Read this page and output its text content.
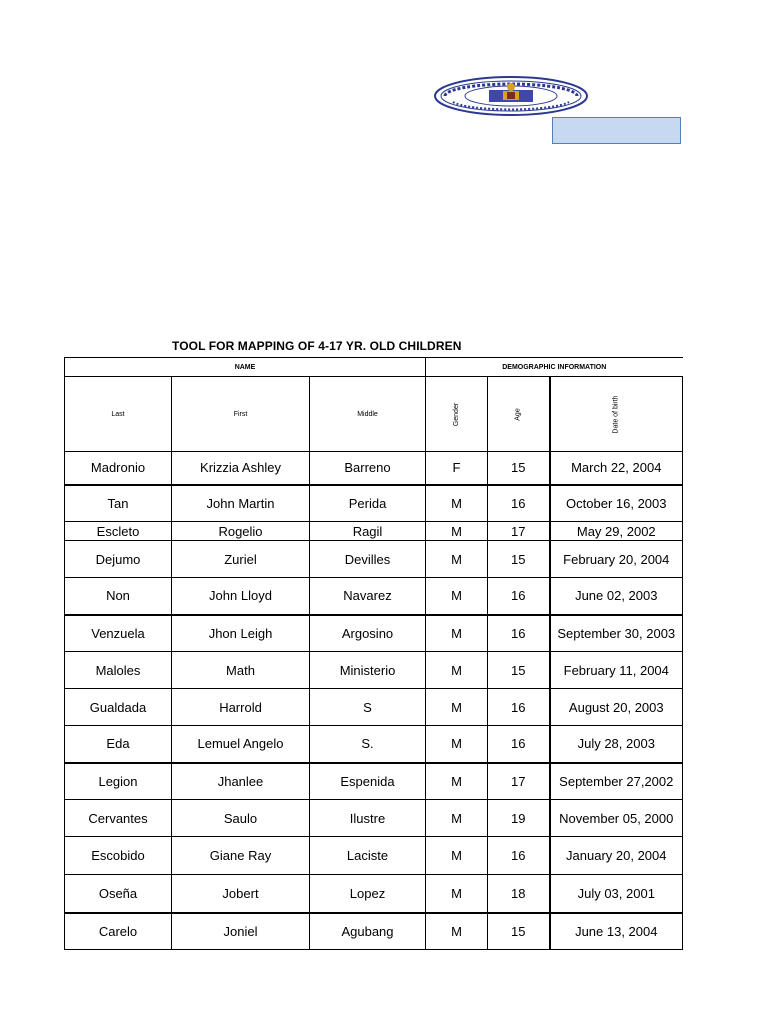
TOOL FOR MAPPING OF 4-17 YR. OLD CHILDREN
NAME			DEMOGRAPHIC INFORMATION		
Last	First	Middle	Gender	Age	Date of birth
Madronio	Krizzia Ashley	Barreno	F	15	March 22, 2004
Tan	John Martin	Perida	M	16	October 16, 2003
Escleto	Rogelio	Ragil	M	17	May 29, 2002
Dejumo	Zuriel	Devilles	M	15	February 20, 2004
Non	John Lloyd	Navarez	M	16	June 02, 2003
Venzuela	Jhon Leigh	Argosino	M	16	September 30, 2003
Maloles	Math	Ministerio	M	15	February 11, 2004
Gualdada	Harrold	S	M	16	August 20, 2003
Eda	Lemuel Angelo	S.	M	16	July 28, 2003
Legion	Jhanlee	Espenida	M	17	September 27,2002
Cervantes	Saulo	Ilustre	M	19	November 05, 2000
Escobido	Giane Ray	Laciste	M	16	January 20, 2004
Oseña	Jobert	Lopez	M	18	July 03, 2001
Carelo	Joniel	Agubang	M	15	June 13, 2004
